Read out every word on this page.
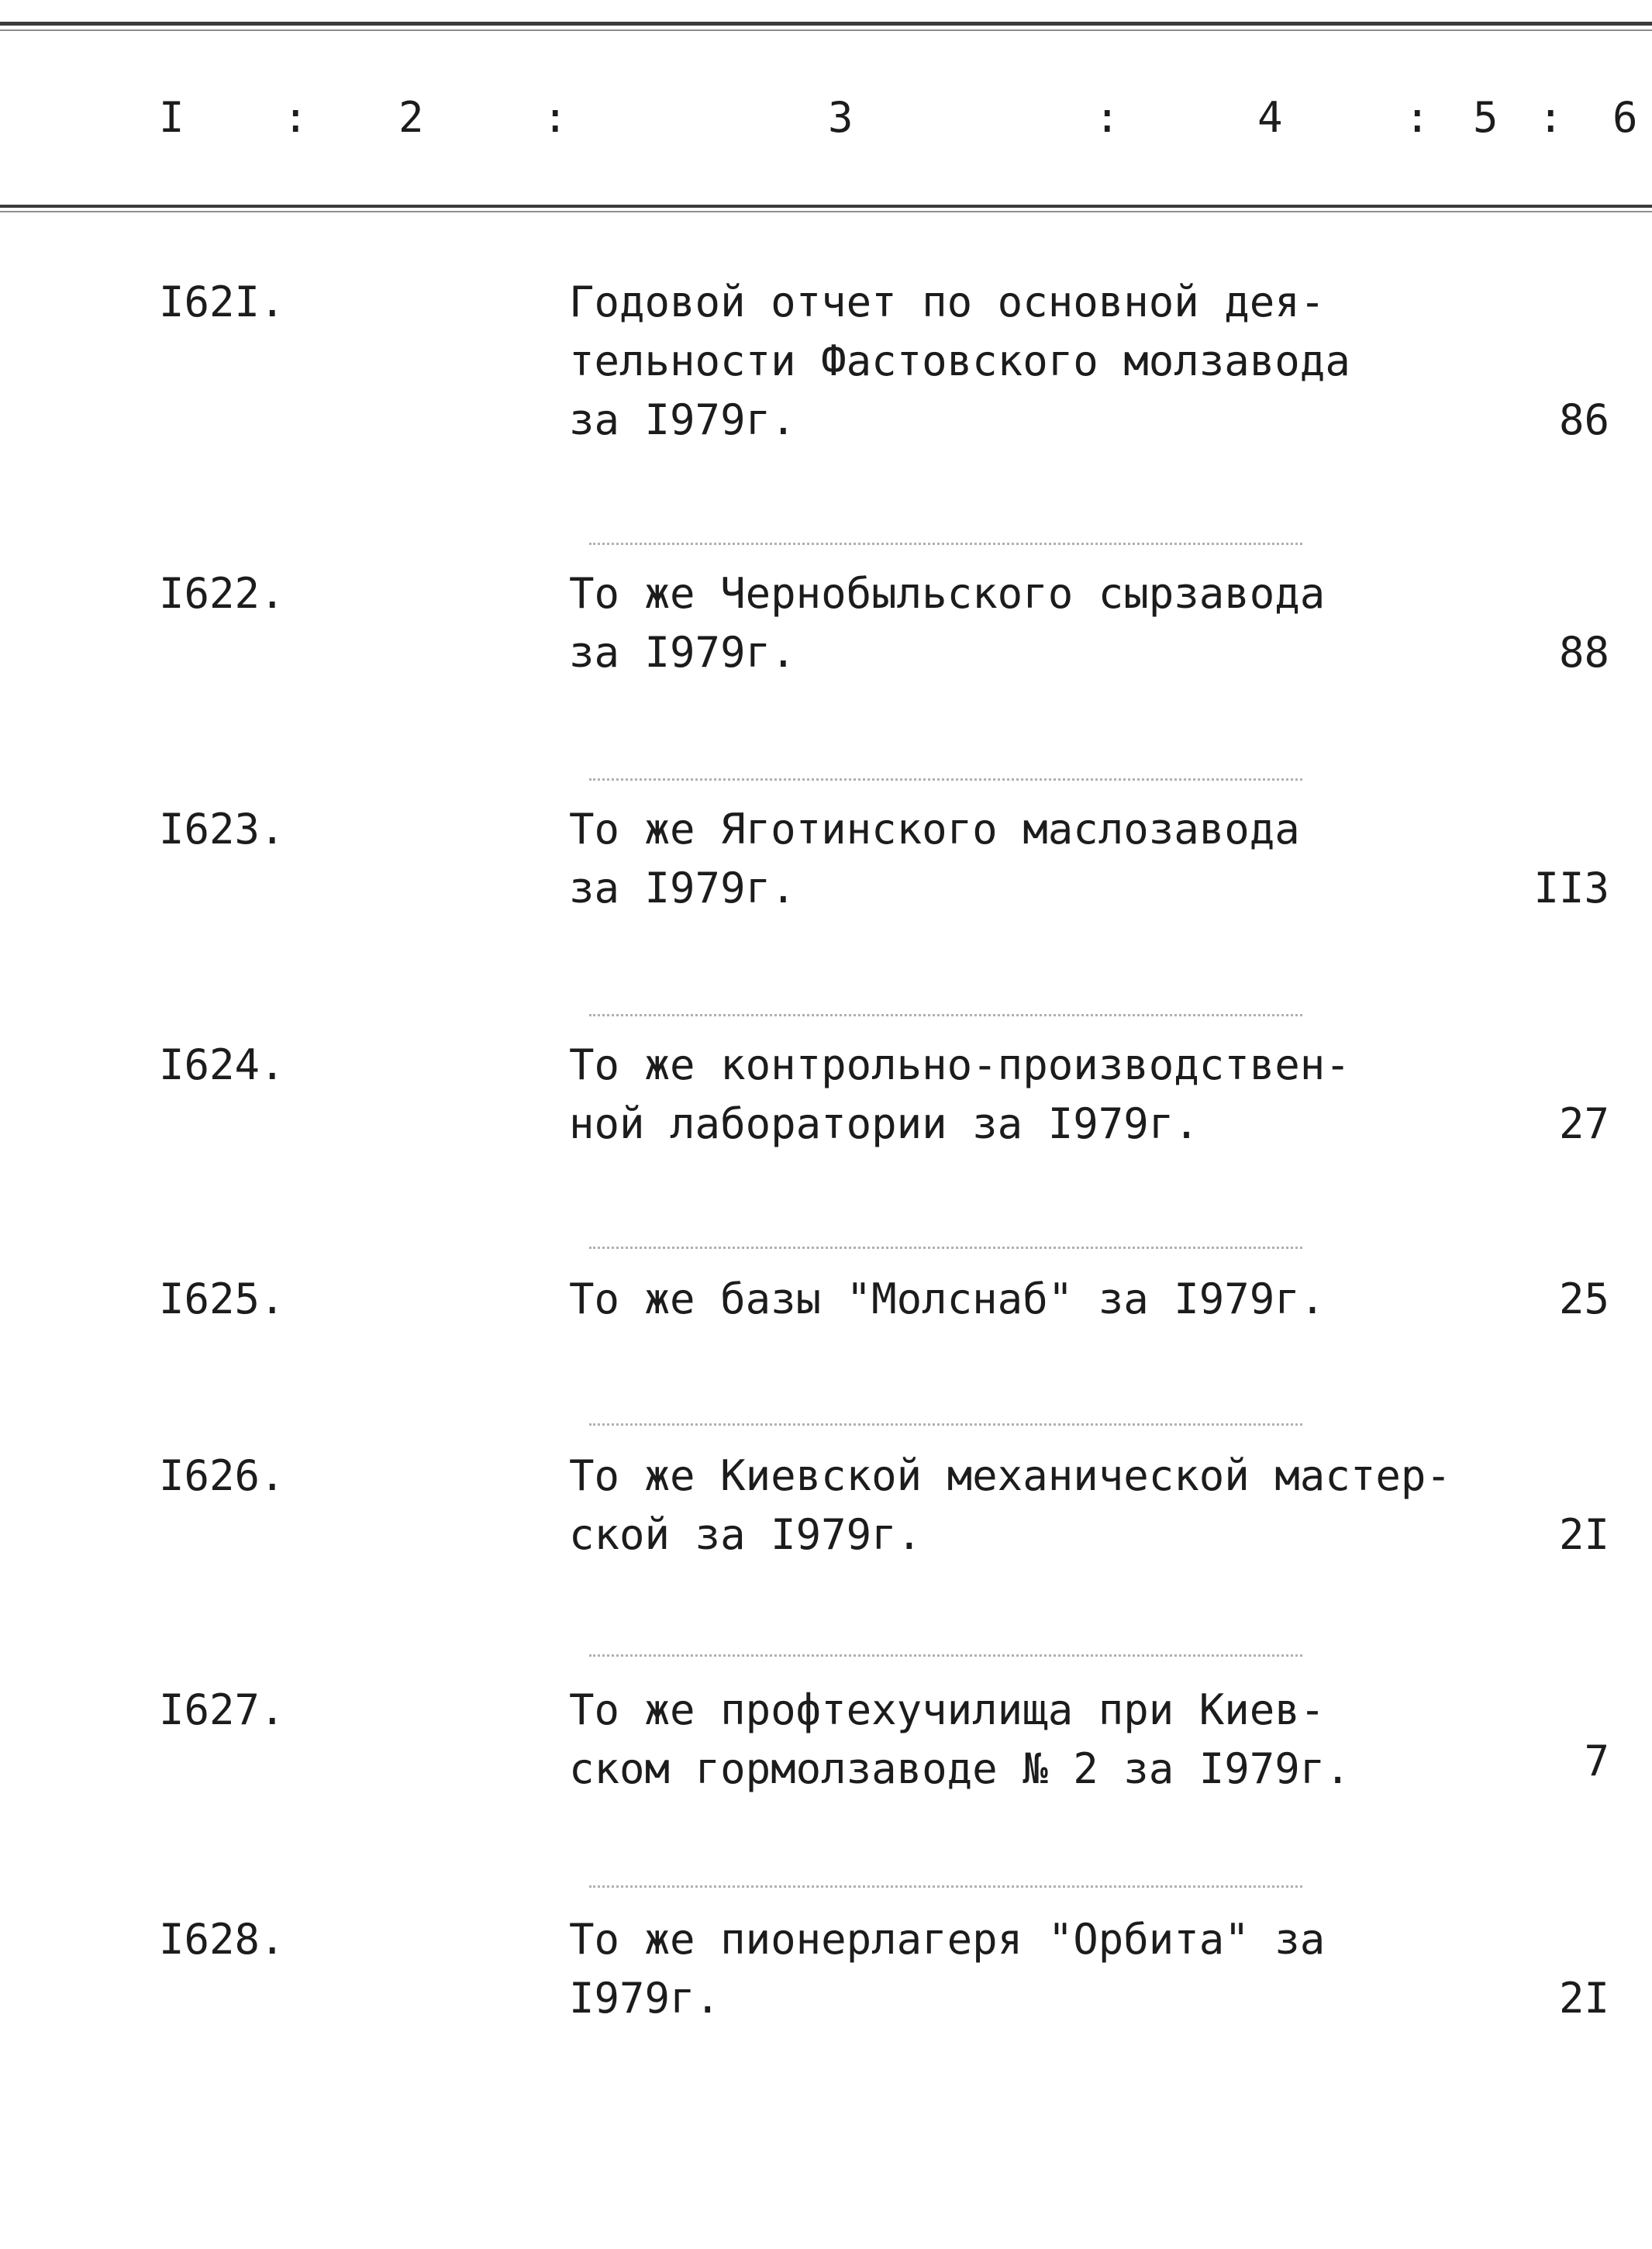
I : 2	:	3	:	4	: 5 : 6
I62I.	Годовой отчет по основной дея-
тельности Фастовского молзавода
за I979г.	86
I622.	То же Чернобыльского сырзавода
за I979г.	88
I623.	То же Яготинского маслозавода
за I979г.	II3
I624.	То же контрольно-производствен-
ной лаборатории за I979г.	27
I625.	То же базы "Молснаб" за I979г.	25
I626.	То же Киевской механической мастер-
ской за I979г.	2I
I627.	То же профтехучилища при Киев-
ском гормолзаводе № 2 за I979г.	7
I628.	То же пионерлагеря "Орбита" за
I979г.	2I
